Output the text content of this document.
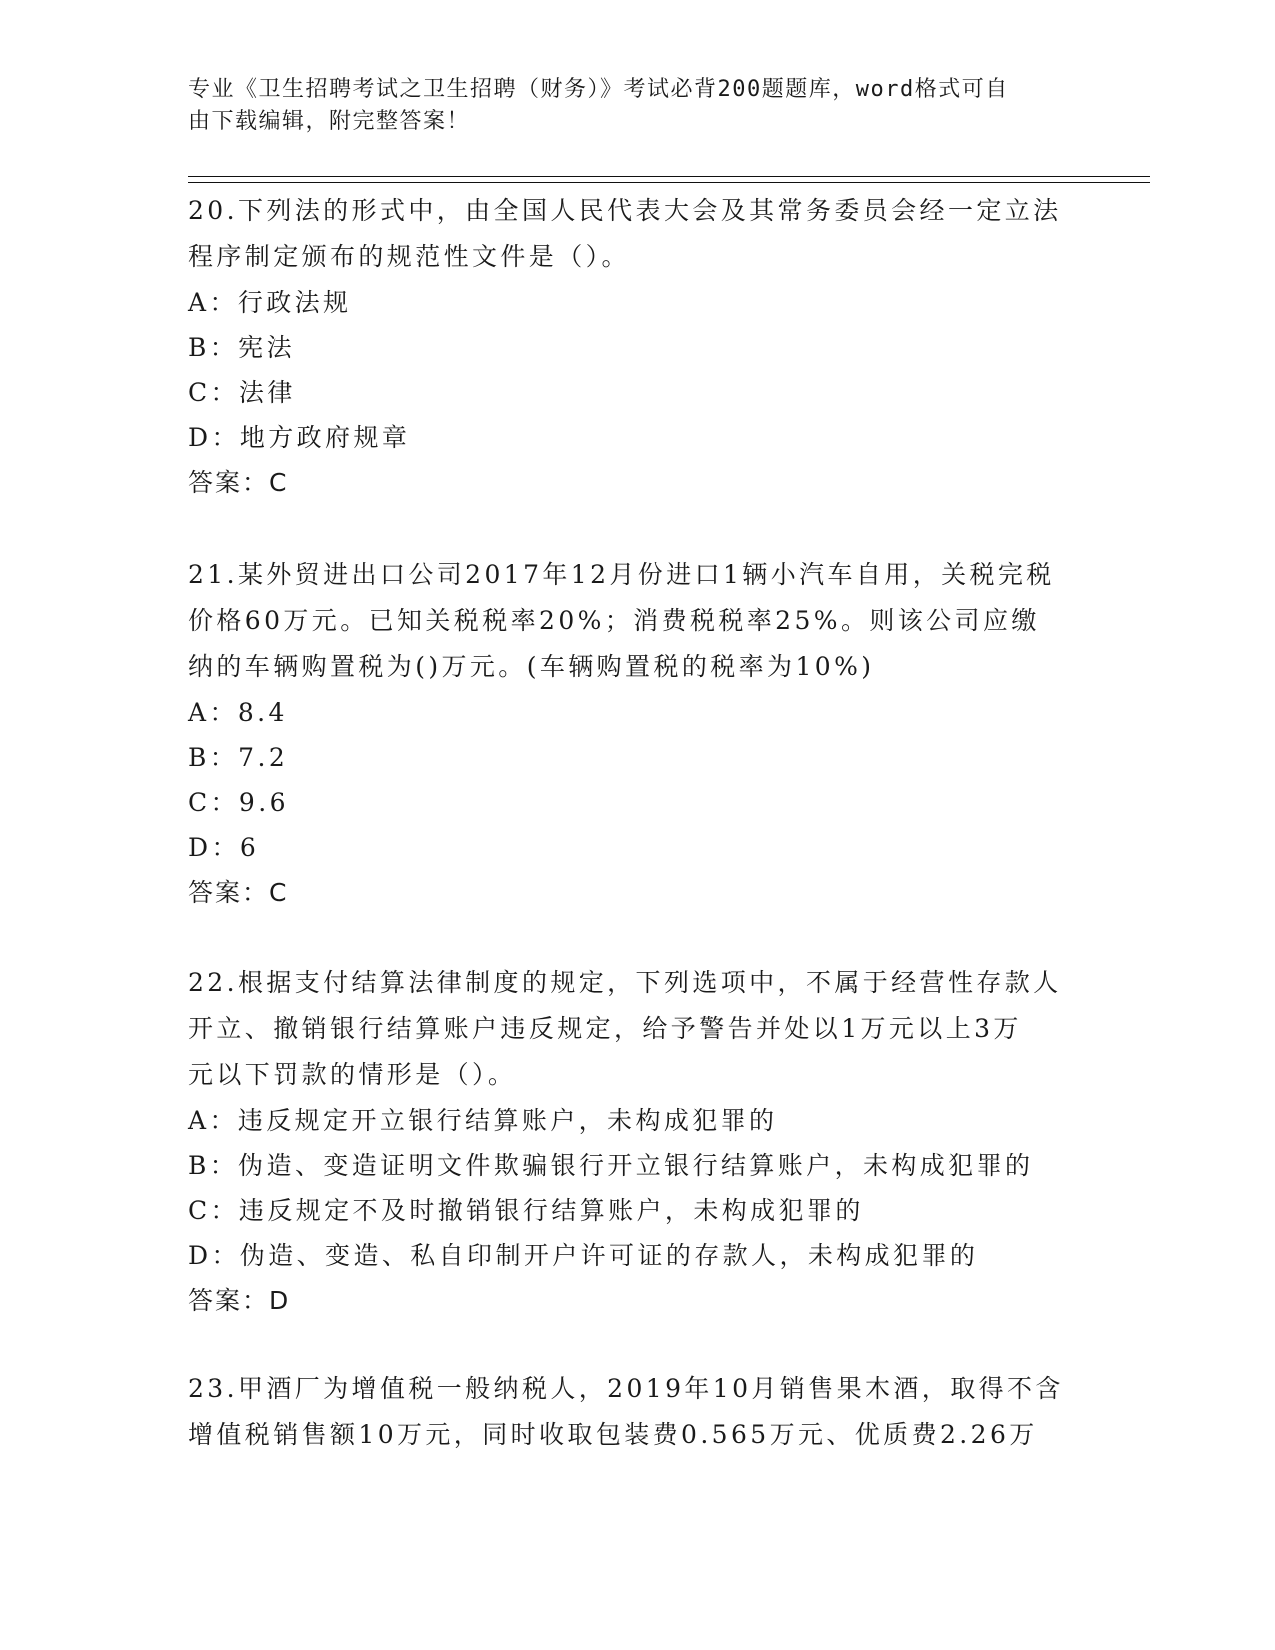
专业《卫生招聘考试之卫生招聘（财务）》考试必背200题题库，word格式可自
由下载编辑，附完整答案！
20.下列法的形式中，由全国人民代表大会及其常务委员会经一定立法
程序制定颁布的规范性文件是（）。
A：行政法规
B：宪法
C：法律
D：地方政府规章
答案：C
21.某外贸进出口公司2017年12月份进口1辆小汽车自用，关税完税
价格60万元。已知关税税率20%；消费税税率25%。则该公司应缴
纳的车辆购置税为()万元。(车辆购置税的税率为10%)
A：8.4
B：7.2
C：9.6
D：6
答案：C
22.根据支付结算法律制度的规定，下列选项中，不属于经营性存款人
开立、撤销银行结算账户违反规定，给予警告并处以1万元以上3万
元以下罚款的情形是（）。
A：违反规定开立银行结算账户，未构成犯罪的
B：伪造、变造证明文件欺骗银行开立银行结算账户，未构成犯罪的
C：违反规定不及时撤销银行结算账户，未构成犯罪的
D：伪造、变造、私自印制开户许可证的存款人，未构成犯罪的
答案：D
23.甲酒厂为增值税一般纳税人，2019年10月销售果木酒，取得不含
增值税销售额10万元，同时收取包装费0.565万元、优质费2.26万
